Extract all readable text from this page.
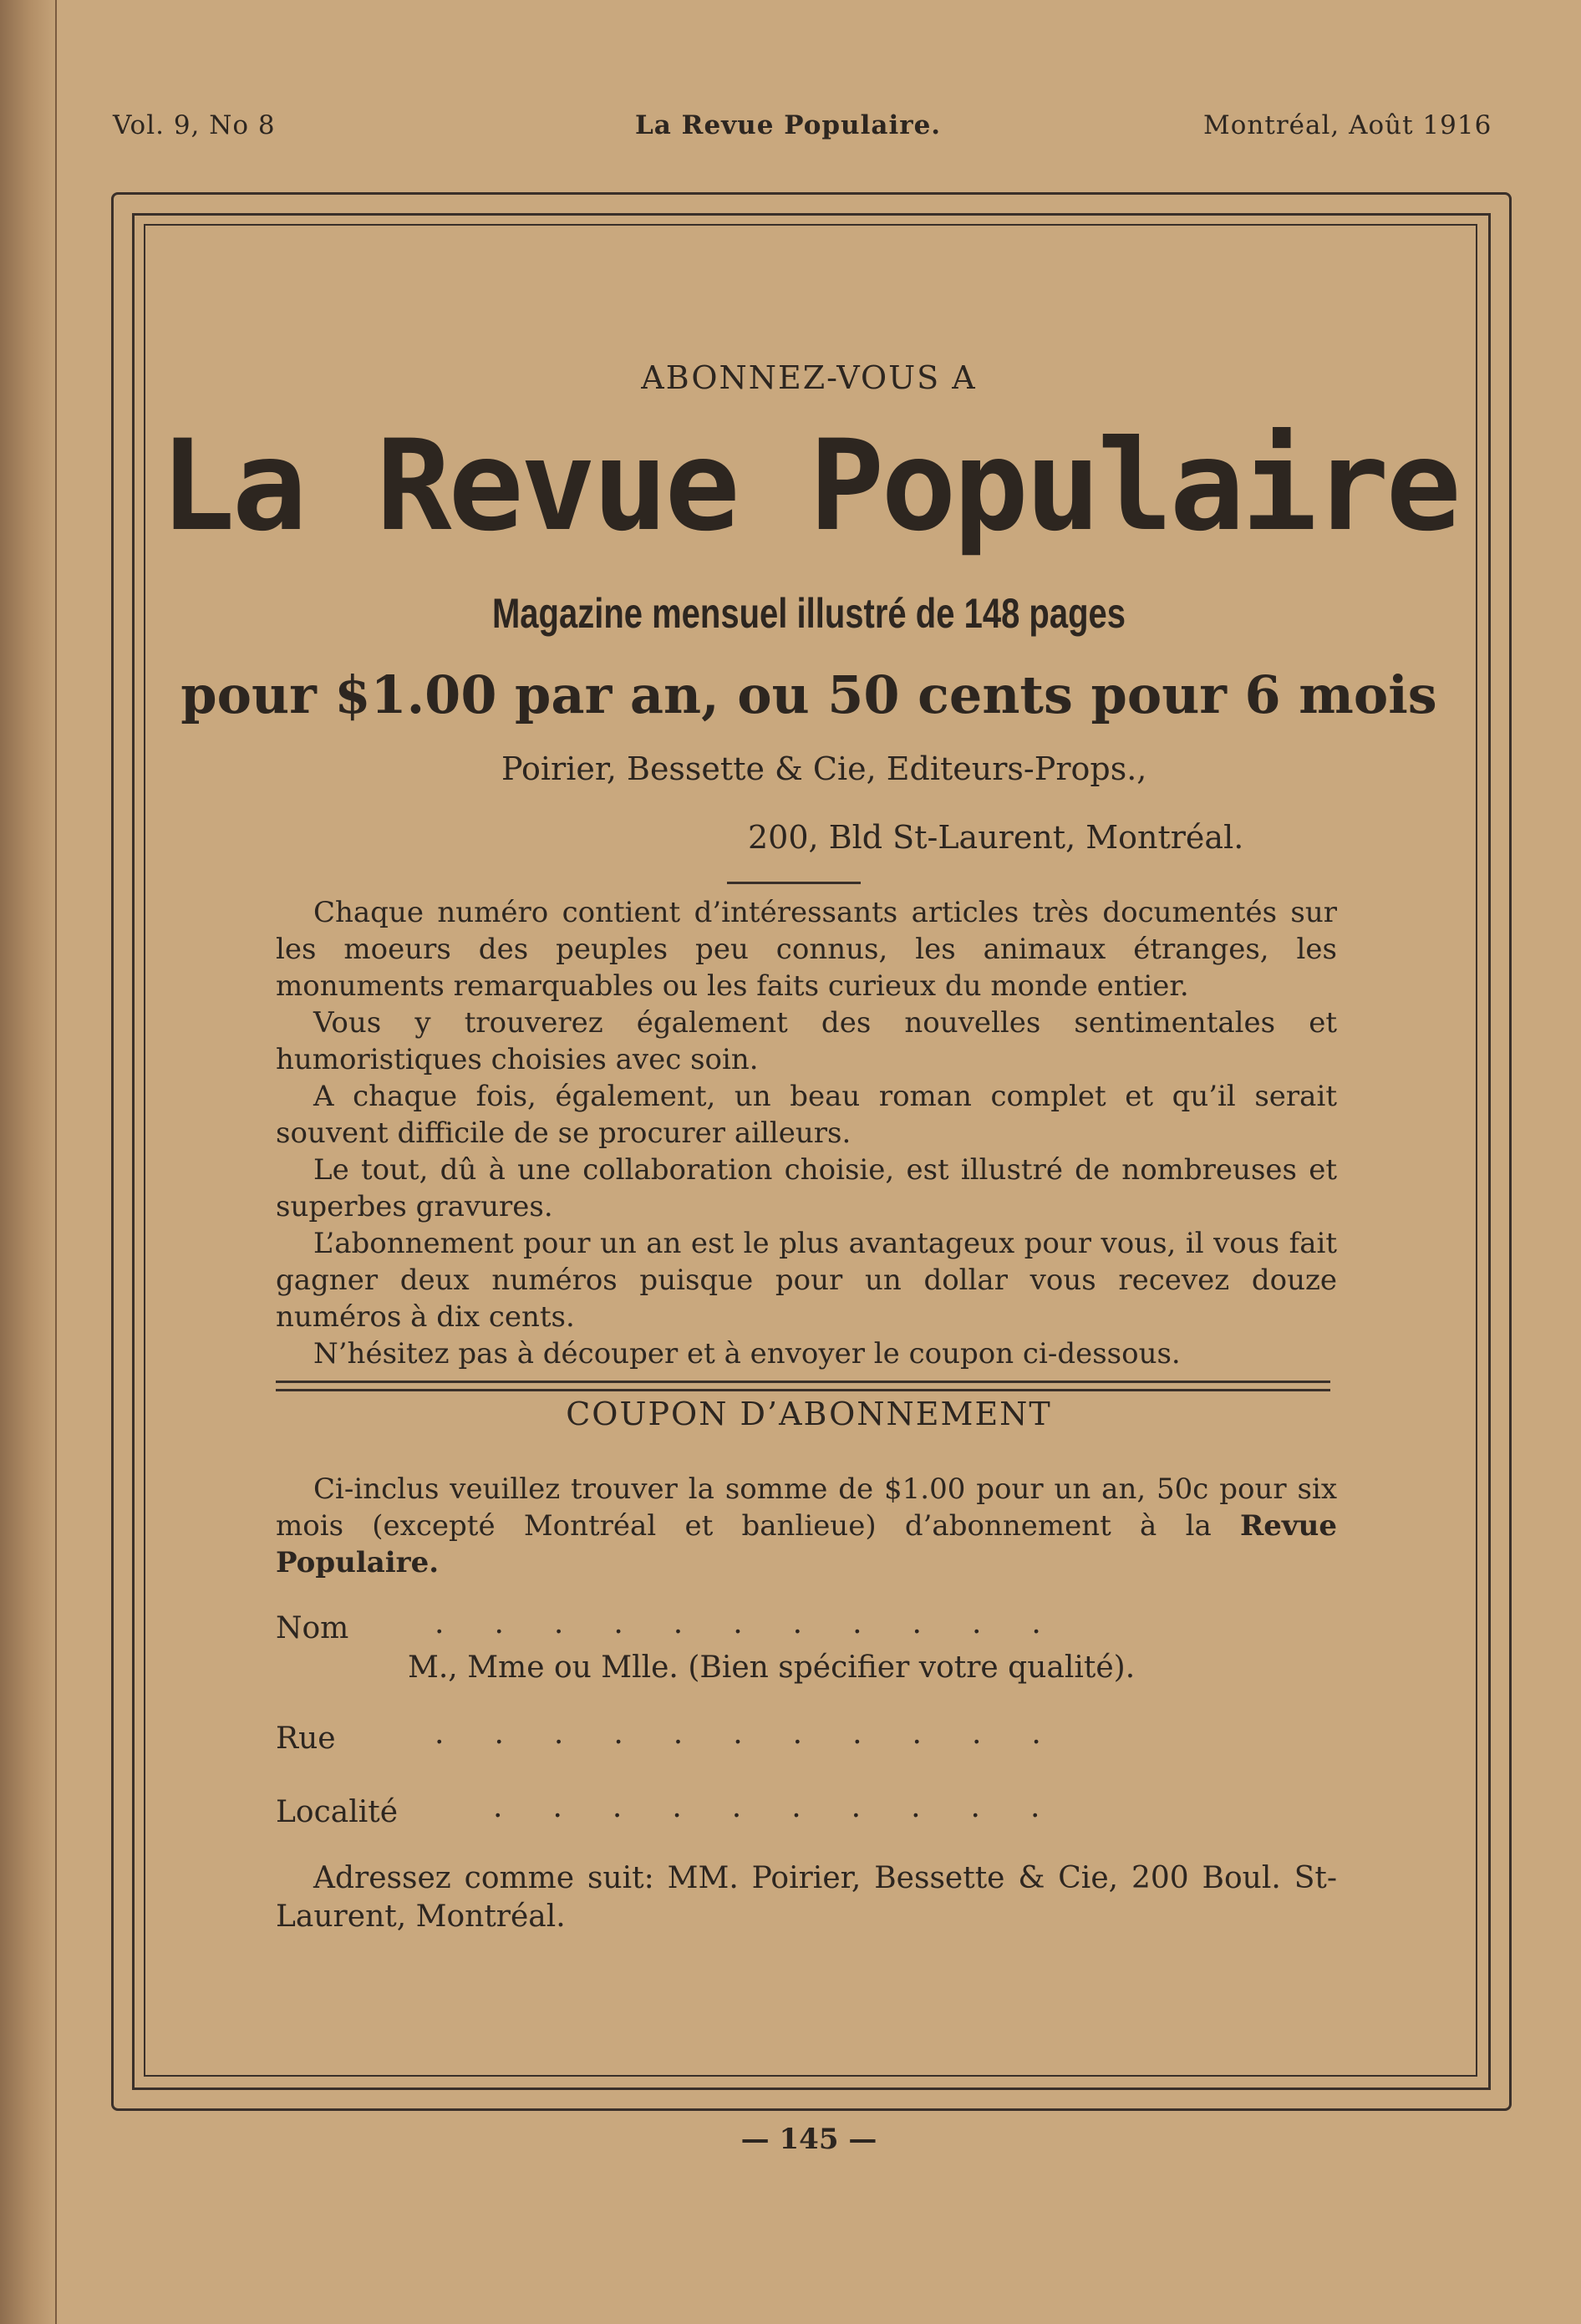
Vol. 9, No 8	La Revue Populaire.	Montréal, Août 1916
ABONNEZ-VOUS A
La Revue Populaire
Magazine mensuel illustré de 148 pages
pour $1.00 par an, ou 50 cents pour 6 mois
Poirier, Bessette & Cie, Editeurs-Props.,
200, Bld St-Laurent, Montréal.

Chaque numéro contient d’intéressants articles très documentés sur les moeurs des peuples peu connus, les animaux étranges, les monuments remarquables ou les faits curieux du monde entier.

Vous y trouverez également des nouvelles sentimentales et humoristiques choisies avec soin.

A chaque fois, également, un beau roman complet et qu’il serait souvent difficile de se procurer ailleurs.

Le tout, dû à une collaboration choisie, est illustré de nombreuses et superbes gravures.

L’abonnement pour un an est le plus avantageux pour vous, il vous fait gagner deux numéros puisque pour un dollar vous recevez douze numéros à dix cents.

N’hésitez pas à découper et à envoyer le coupon ci-dessous.

COUPON D’ABONNEMENT

Ci-inclus veuillez trouver la somme de $1.00 pour un an, 50c pour six mois (excepté Montréal et banlieue) d’abonnement à la Revue Populaire.

Nom	...........
M., Mme ou Mlle. (Bien spécifier votre qualité).
Rue	...........
Localité	..........

Adressez comme suit: MM. Poirier, Bessette & Cie, 200 Boul. St-Laurent, Montréal.

— 145 —
